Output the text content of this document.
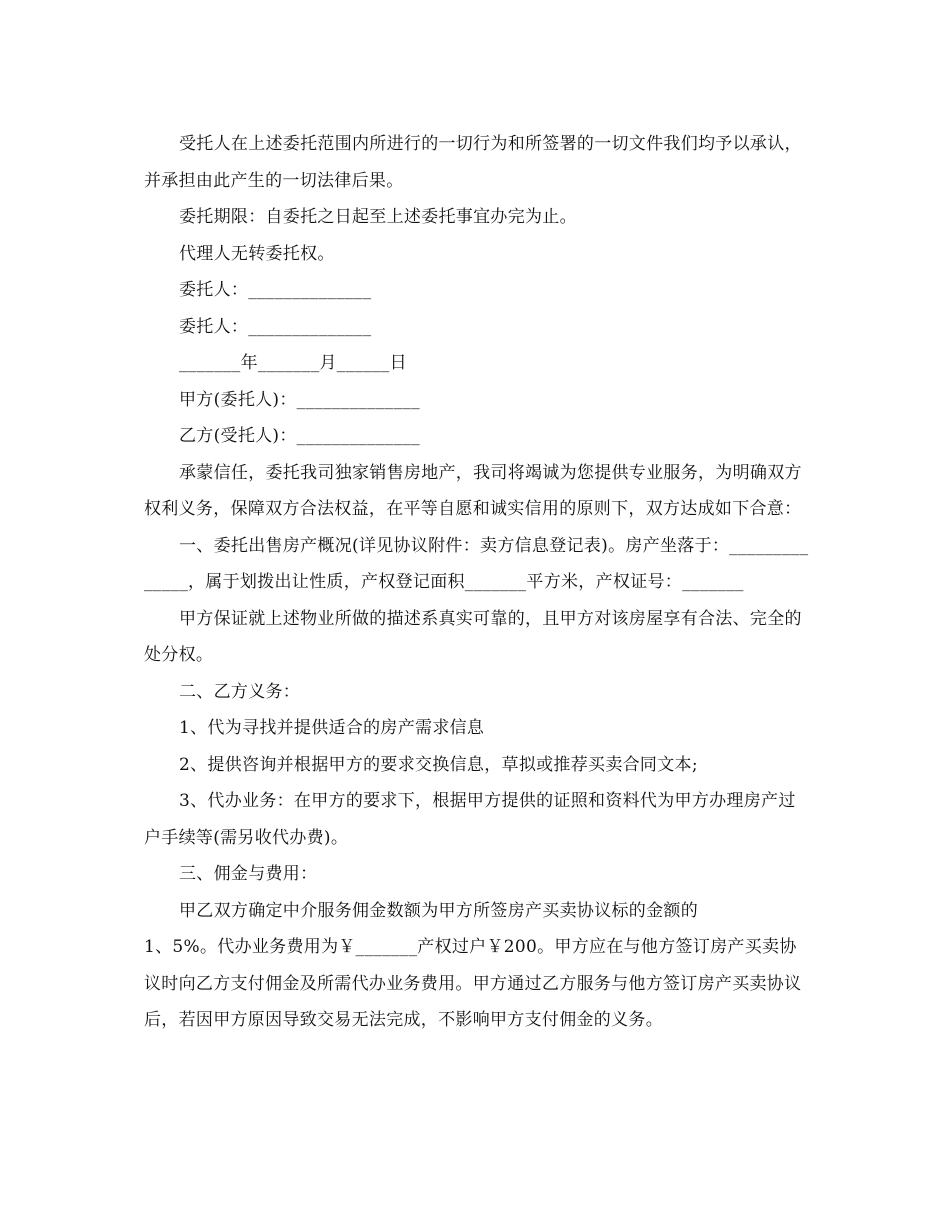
受托人在上述委托范围内所进行的一切行为和所签署的一切文件我们均予以承认，并承担由此产生的一切法律后果。

委托期限：自委托之日起至上述委托事宜办完为止。

代理人无转委托权。

委托人：______________

委托人：______________

_______年_______月______日

甲方(委托人)：______________

乙方(受托人)：______________

承蒙信任，委托我司独家销售房地产，我司将竭诚为您提供专业服务，为明确双方权利义务，保障双方合法权益，在平等自愿和诚实信用的原则下，双方达成如下合意：

一、委托出售房产概况(详见协议附件：卖方信息登记表)。房产坐落于：______________，属于划拨出让性质，产权登记面积_______平方米，产权证号：_______

甲方保证就上述物业所做的描述系真实可靠的，且甲方对该房屋享有合法、完全的处分权。

二、乙方义务：

1、代为寻找并提供适合的房产需求信息

2、提供咨询并根据甲方的要求交换信息，草拟或推荐买卖合同文本;

3、代办业务：在甲方的要求下，根据甲方提供的证照和资料代为甲方办理房产过户手续等(需另收代办费)。

三、佣金与费用：

甲乙双方确定中介服务佣金数额为甲方所签房产买卖协议标的金额的

1、5%。代办业务费用为￥_______产权过户￥200。甲方应在与他方签订房产买卖协议时向乙方支付佣金及所需代办业务费用。甲方通过乙方服务与他方签订房产买卖协议后，若因甲方原因导致交易无法完成，不影响甲方支付佣金的义务。
